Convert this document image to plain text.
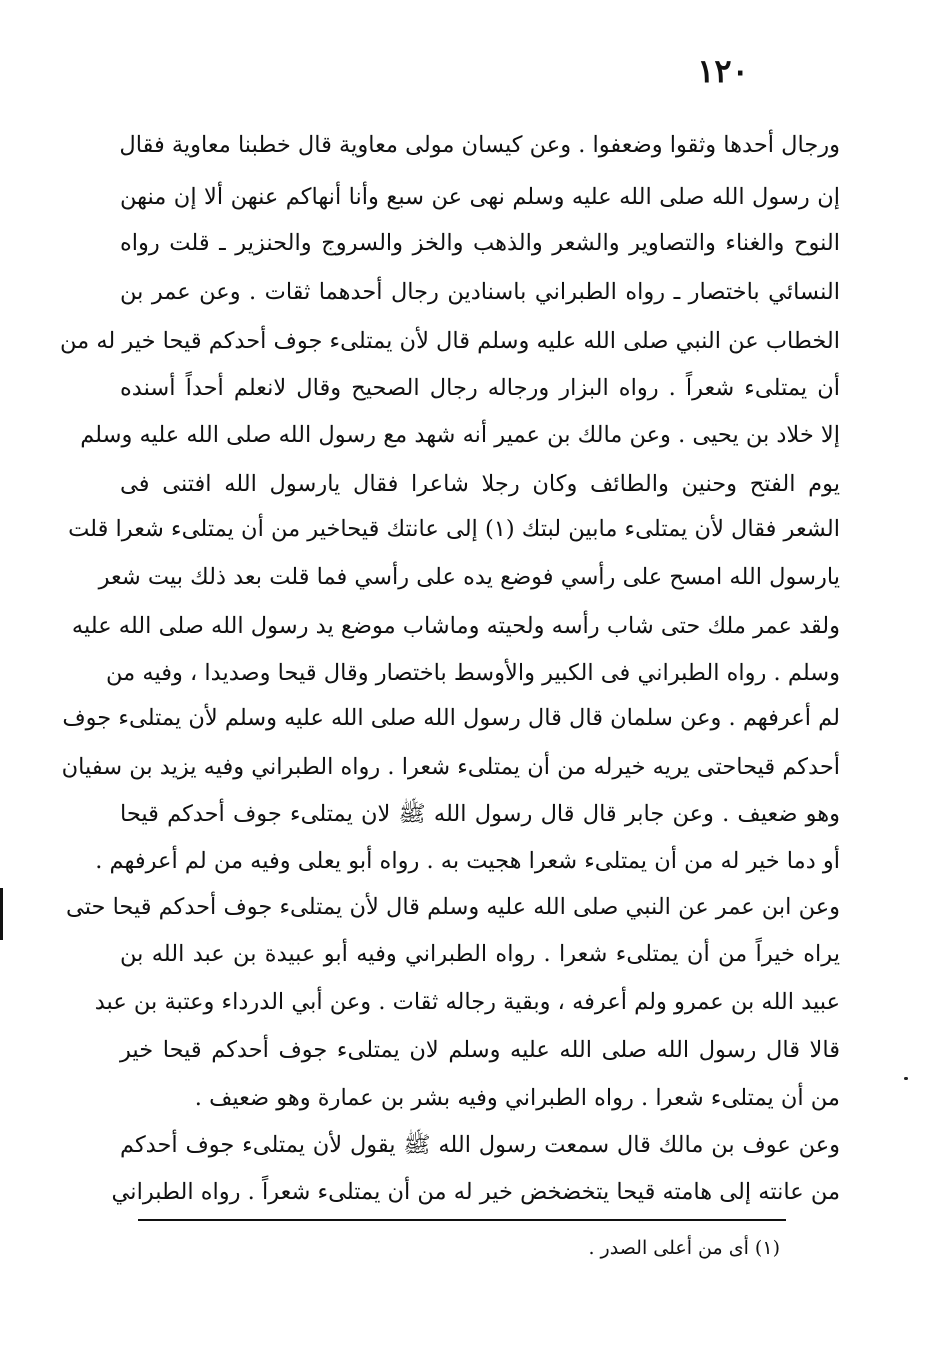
١٢٠
ورجال أحدها وثقوا وضعفوا . وعن كيسان مولى معاوية قال خطبنا معاوية فقال
إن رسول الله صلى الله عليه وسلم نهى عن سبع وأنا أنهاكم عنهن ألا إن منهن
النوح والغناء والتصاوير والشعر والذهب والخز والسروج والحنزير ـ قلت رواه
النسائي باختصار ـ رواه الطبراني باسنادين رجال أحدهما ثقات . وعن عمر بن
الخطاب عن النبي صلى الله عليه وسلم قال لأن يمتلىء جوف أحدكم قيحا خير له من
أن يمتلىء شعراً . رواه البزار ورجاله رجال الصحيح وقال لانعلم أحداً أسنده
إلا خلاد بن يحيى . وعن مالك بن عمير أنه شهد مع رسول الله صلى الله عليه وسلم
يوم الفتح وحنين والطائف وكان رجلا شاعرا فقال يارسول الله افتنى فى
الشعر فقال لأن يمتلىء مابين لبتك (١) إلى عانتك قيحاخير من أن يمتلىء شعرا قلت
يارسول الله امسح على رأسي فوضع يده على رأسي فما قلت بعد ذلك بيت شعر
ولقد عمر ملك حتى شاب رأسه ولحيته وماشاب موضع يد رسول الله صلى الله عليه
وسلم . رواه الطبراني فى الكبير والأوسط باختصار وقال قيحا وصديدا ، وفيه من
لم أعرفهم . وعن سلمان قال قال رسول الله صلى الله عليه وسلم لأن يمتلىء جوف
أحدكم قيحاحتى يريه خيرله من أن يمتلىء شعرا . رواه الطبراني وفيه يزيد بن سفيان
وهو ضعيف . وعن جابر قال قال رسول الله ﷺ لان يمتلىء جوف أحدكم قيحا
أو دما خير له من أن يمتلىء شعرا هجيت به . رواه أبو يعلى وفيه من لم أعرفهم .
وعن ابن عمر عن النبي صلى الله عليه وسلم قال لأن يمتلىء جوف أحدكم قيحا حتى
يراه خيراً من أن يمتلىء شعرا . رواه الطبراني وفيه أبو عبيدة بن عبد الله بن
عبيد الله بن عمرو ولم أعرفه ، وبقية رجاله ثقات . وعن أبي الدرداء وعتبة بن عبد
قالا قال رسول الله صلى الله عليه وسلم لان يمتلىء جوف أحدكم قيحا خير
من أن يمتلىء شعرا . رواه الطبراني وفيه بشر بن عمارة وهو ضعيف .
وعن عوف بن مالك قال سمعت رسول الله ﷺ يقول لأن يمتلىء جوف أحدكم
من عانته إلى هامته قيحا يتخضخض خير له من أن يمتلىء شعراً . رواه الطبراني
(١) أى من أعلى الصدر .
